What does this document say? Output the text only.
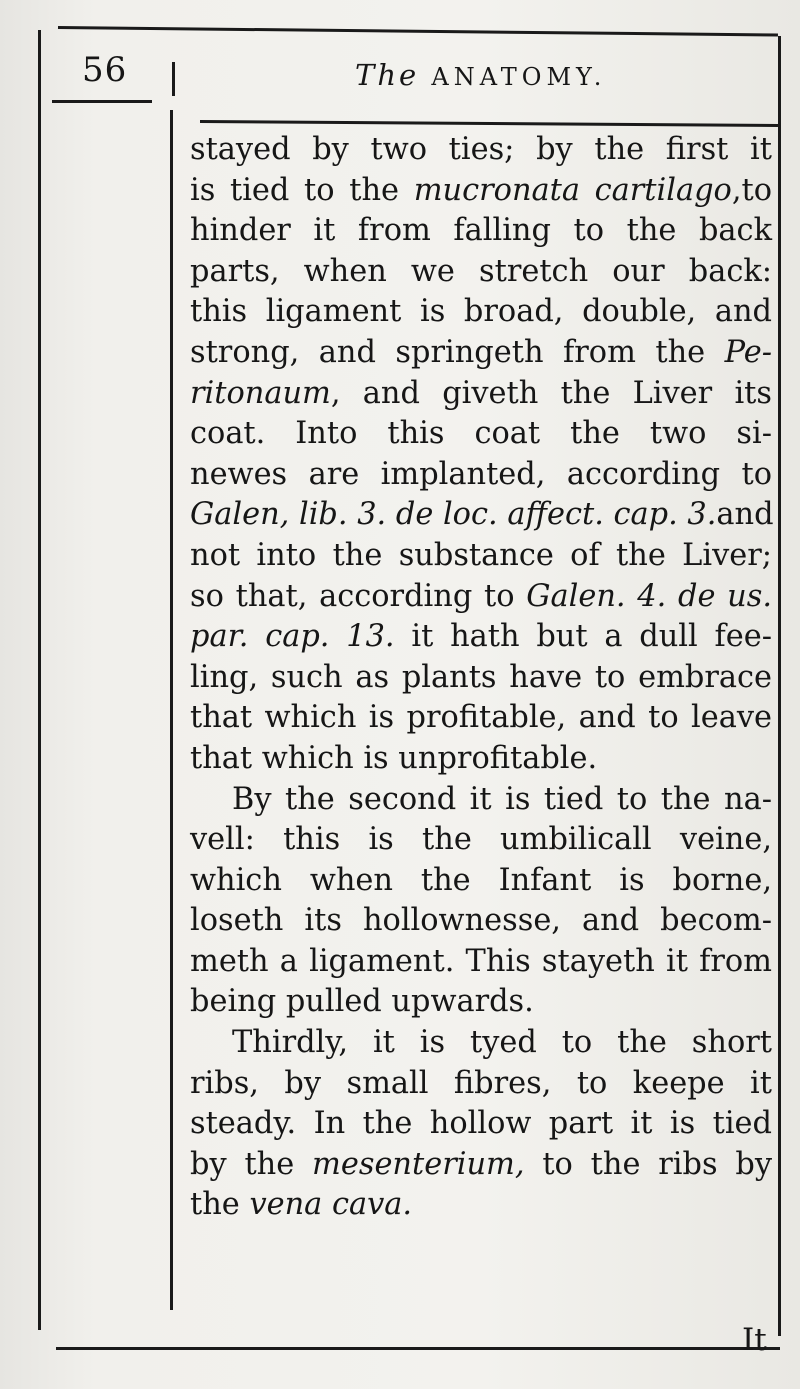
56	The ANATOMY.
stayed by two ties; by the first it
is tied to the mucronata cartilago,to
hinder it from falling to the back
parts, when we stretch our back:
this ligament is broad, double, and
strong, and springeth from the Pe-
ritonaum, and giveth the Liver its
coat. Into this coat the two si-
newes are implanted, according to
Galen, lib. 3. de loc. affect. cap. 3.and
not into the substance of the Liver;
so that, according to Galen. 4. de us.
par. cap. 13. it hath but a dull fee-
ling, such as plants have to embrace
that which is profitable, and to leave
that which is unprofitable.
By the second it is tied to the na-
vell: this is the umbilicall veine,
which when the Infant is borne,
loseth its hollownesse, and becom-
meth a ligament. This stayeth it from
being pulled upwards.
Thirdly, it is tyed to the short
ribs, by small fibres, to keepe it
steady. In the hollow part it is tied
by the mesenterium, to the ribs by
the vena cava.
It
